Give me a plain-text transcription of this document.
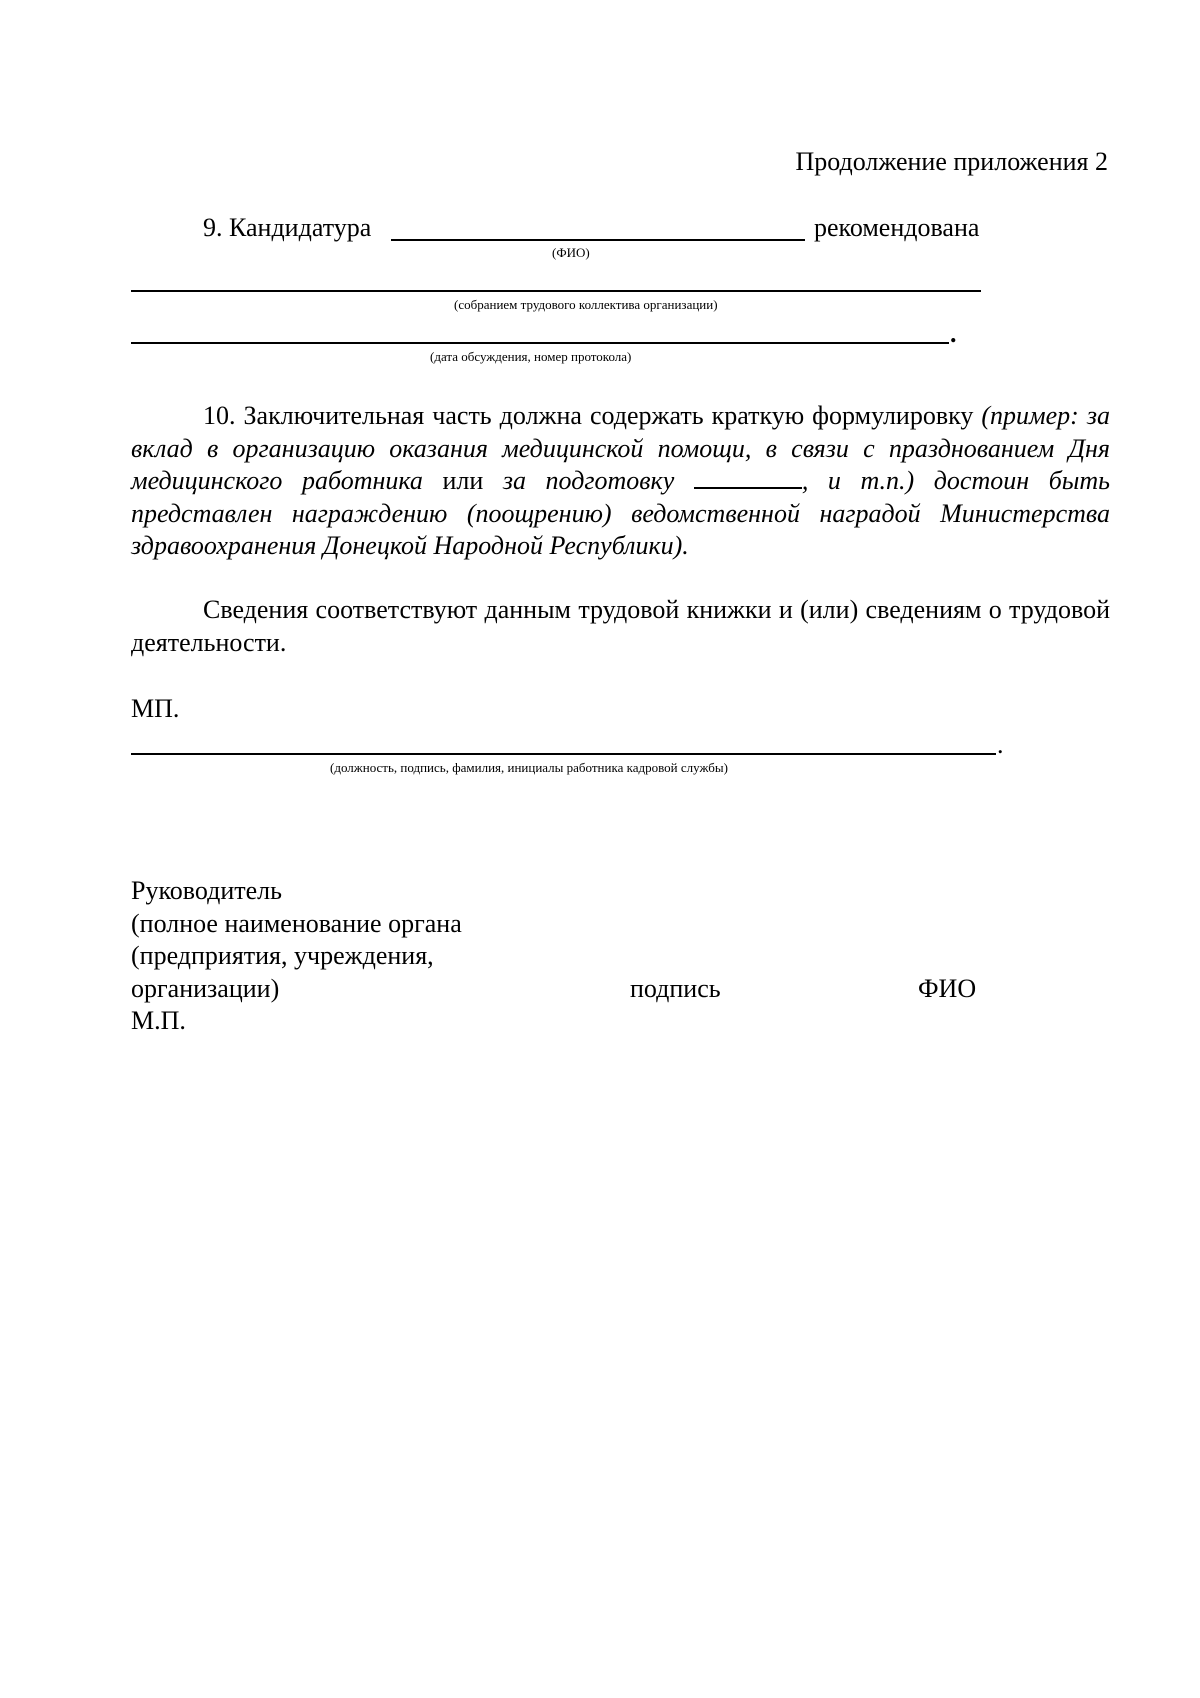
Продолжение приложения 2
9. Кандидатура	рекомендована
(ФИО)
(собранием трудового коллектива организации)
.
(дата обсуждения, номер протокола)
10. Заключительная часть должна содержать краткую формулировку (пример: за вклад в организацию оказания медицинской помощи, в связи с празднованием Дня медицинского работника или за подготовку	, и т.п.) достоин быть представлен награждению (поощрению) ведомственной наградой Министерства здравоохранения Донецкой Народной Республики).
Сведения соответствуют данным трудовой книжки и (или) сведениям о трудовой деятельности.
МП.
.
(должность, подпись, фамилия, инициалы работника кадровой службы)
Руководитель
(полное наименование органа
(предприятия, учреждения,
организации)	подпись	ФИО
М.П.
